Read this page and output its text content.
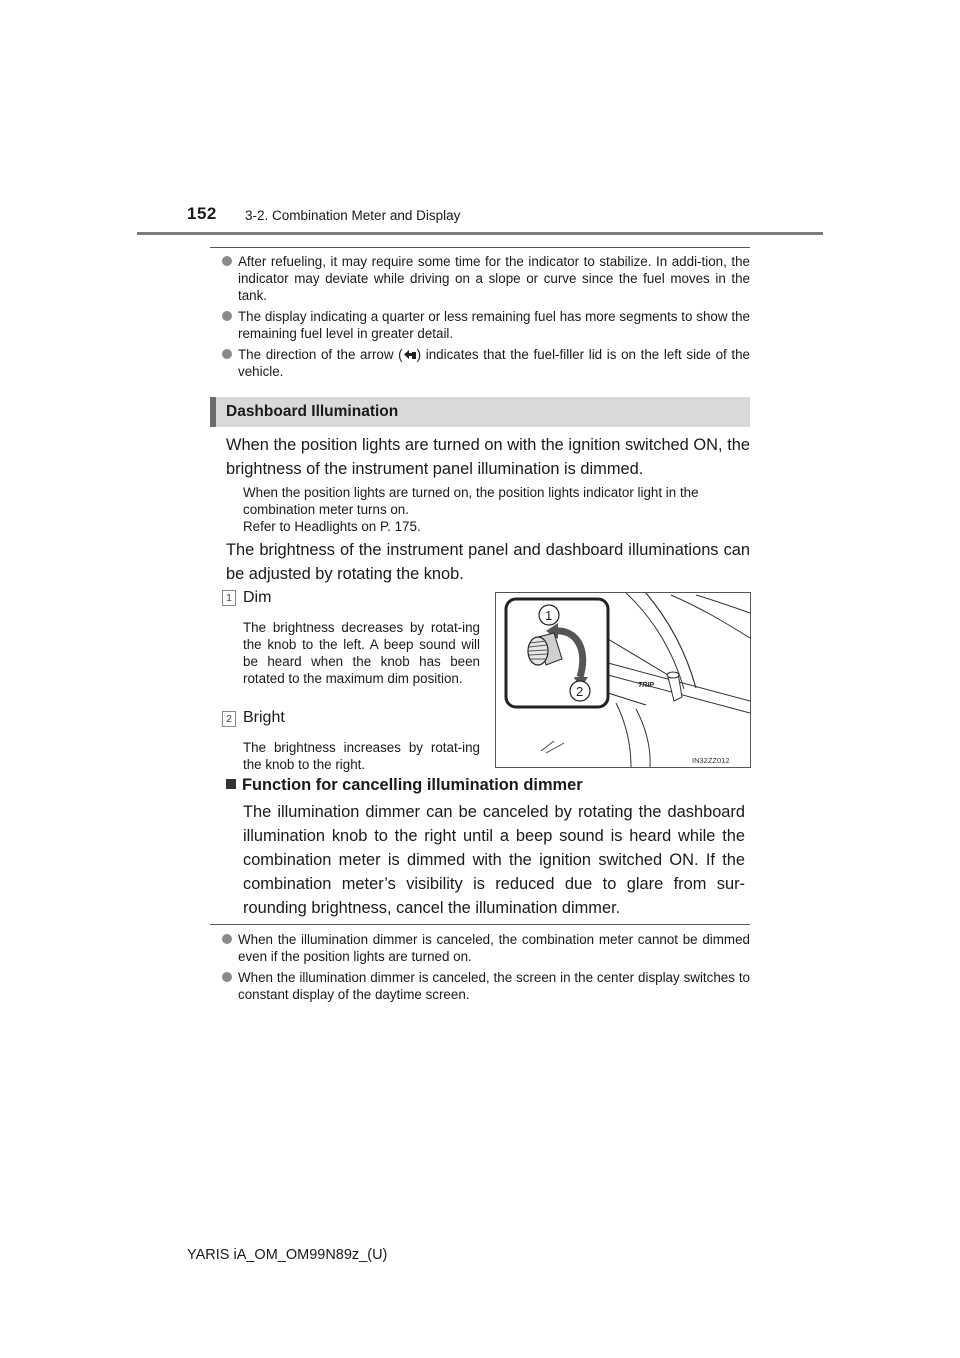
152 3-2. Combination Meter and Display
After refueling, it may require some time for the indicator to stabilize. In addi-tion, the indicator may deviate while driving on a slope or curve since the fuel moves in the tank.
The display indicating a quarter or less remaining fuel has more segments to show the remaining fuel level in greater detail.
The direction of the arrow ( ) indicates that the fuel-filler lid is on the left side of the vehicle.
Dashboard Illumination
When the position lights are turned on with the ignition switched ON, the brightness of the instrument panel illumination is dimmed.
When the position lights are turned on, the position lights indicator light in the combination meter turns on.
Refer to Headlights on P. 175.
The brightness of the instrument panel and dashboard illuminations can be adjusted by rotating the knob.
1 Dim
The brightness decreases by rotat-ing the knob to the left. A beep sound will be heard when the knob has been rotated to the maximum dim position.
2 Bright
The brightness increases by rotat-ing the knob to the right.
1
2	TRIP
IN32ZZ012
Function for cancelling illumination dimmer
The illumination dimmer can be canceled by rotating the dashboard illumination knob to the right until a beep sound is heard while the combination meter is dimmed with the ignition switched ON. If the combination meter’s visibility is reduced due to glare from sur-rounding brightness, cancel the illumination dimmer.
When the illumination dimmer is canceled, the combination meter cannot be dimmed even if the position lights are turned on.
When the illumination dimmer is canceled, the screen in the center display switches to constant display of the daytime screen.
YARIS iA_OM_OM99N89z_(U)
